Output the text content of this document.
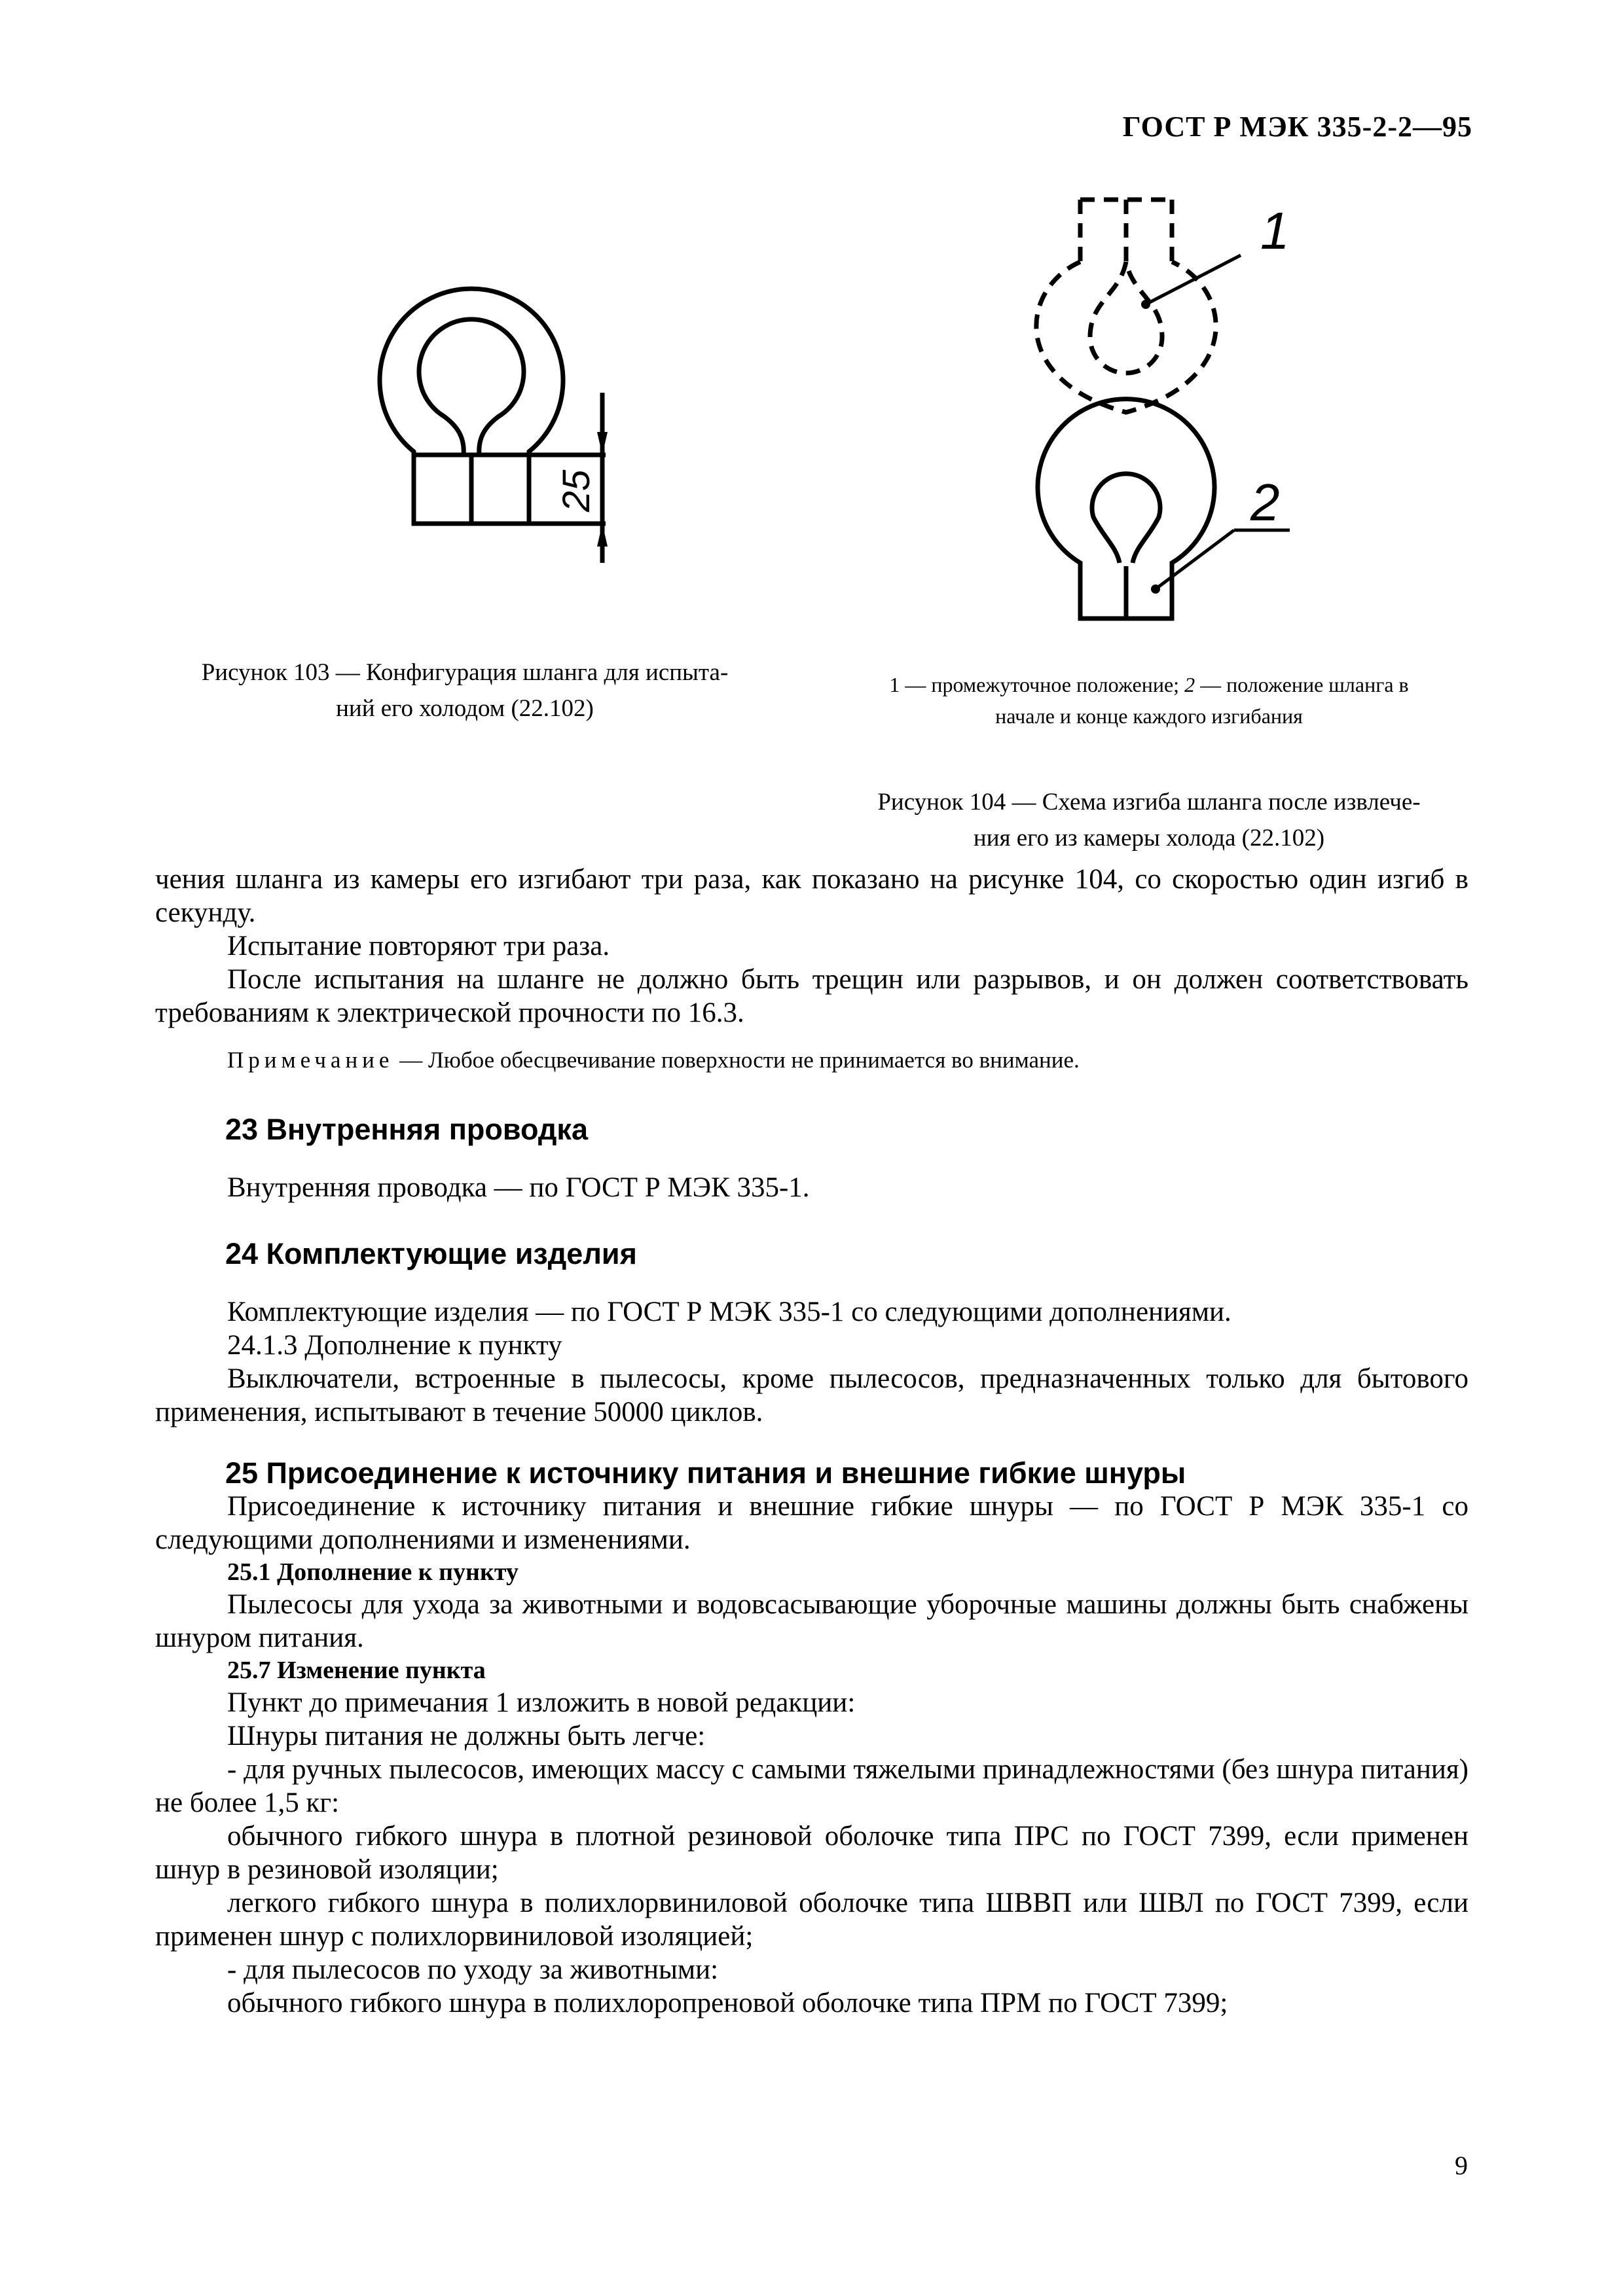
ГОСТ Р МЭК 335-2-2—95
25
Рисунок 103 — Конфигурация шланга для испыта-
ний его холодом (22.102)
1
2
1 — промежуточное положение; 2 — положение шланга в
начале и конце каждого изгибания
Рисунок 104 — Схема изгиба шланга после извлече-
ния его из камеры холода (22.102)

чения шланга из камеры его изгибают три раза, как показано на рисунке 104, со скоростью один изгиб в секунду.

Испытание повторяют три раза.

После испытания на шланге не должно быть трещин или разрывов, и он должен соответствовать требованиям к электрической прочности по 16.3.

Примечание — Любое обесцвечивание поверхности не принимается во внимание.

23 Внутренняя проводка

Внутренняя проводка — по ГОСТ Р МЭК 335-1.

24 Комплектующие изделия

Комплектующие изделия — по ГОСТ Р МЭК 335-1 со следующими дополнениями.

24.1.3 Дополнение к пункту

Выключатели, встроенные в пылесосы, кроме пылесосов, предназначенных только для бытового применения, испытывают в течение 50000 циклов.

25 Присоединение к источнику питания и внешние гибкие шнуры

Присоединение к источнику питания и внешние гибкие шнуры — по ГОСТ Р МЭК 335-1 со следующими дополнениями и изменениями.

25.1 Дополнение к пункту

Пылесосы для ухода за животными и водовсасывающие уборочные машины должны быть снабжены шнуром питания.

25.7 Изменение пункта

Пункт до примечания 1 изложить в новой редакции:

Шнуры питания не должны быть легче:

- для ручных пылесосов, имеющих массу с самыми тяжелыми принадлежностями (без шнура питания) не более 1,5 кг:

обычного гибкого шнура в плотной резиновой оболочке типа ПРС по ГОСТ 7399, если применен шнур в резиновой изоляции;

легкого гибкого шнура в полихлорвиниловой оболочке типа ШВВП или ШВЛ по ГОСТ 7399, если применен шнур с полихлорвиниловой изоляцией;

- для пылесосов по уходу за животными:

обычного гибкого шнура в полихлоропреновой оболочке типа ПРМ по ГОСТ 7399;

9
